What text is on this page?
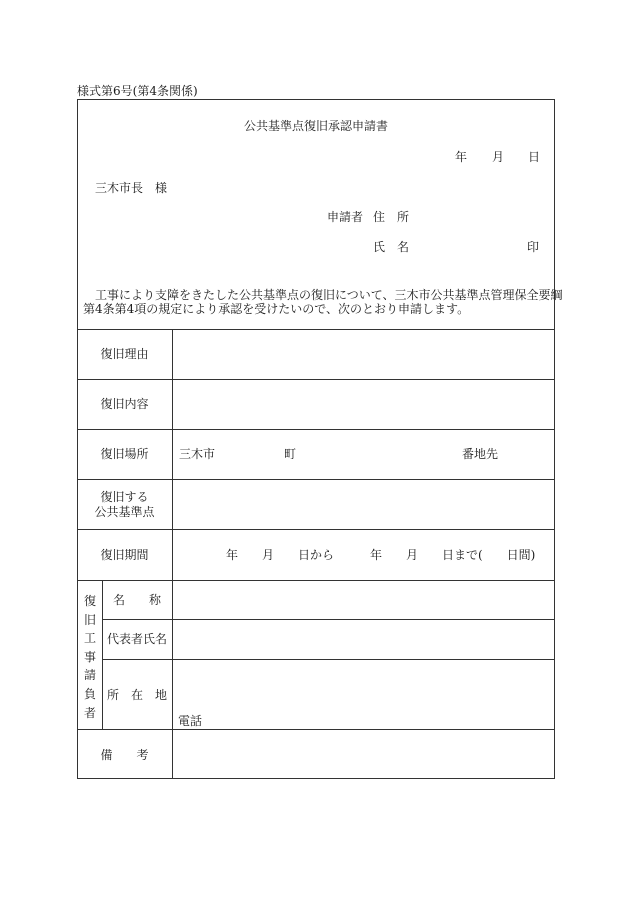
様式第6号(第4条関係)
公共基準点復旧承認申請書
年 月 日
三木市長　様
申請者 住　所
氏　名	印
工事により支障をきたした公共基準点の復旧について、三木市公共基準点管理保全要綱
第4条第4項の規定により承認を受けたいので、次のとおり申請します。
復旧理由
復旧内容
復旧場所	三木市	町	番地先
復旧する
公共基準点
復旧期間	年　　月　　日から　　　年　　月　　日まで(　　日間)
復
旧
工
事
請
負
者
名　　称
代表者氏名
所　在　地
電話
備　　考
